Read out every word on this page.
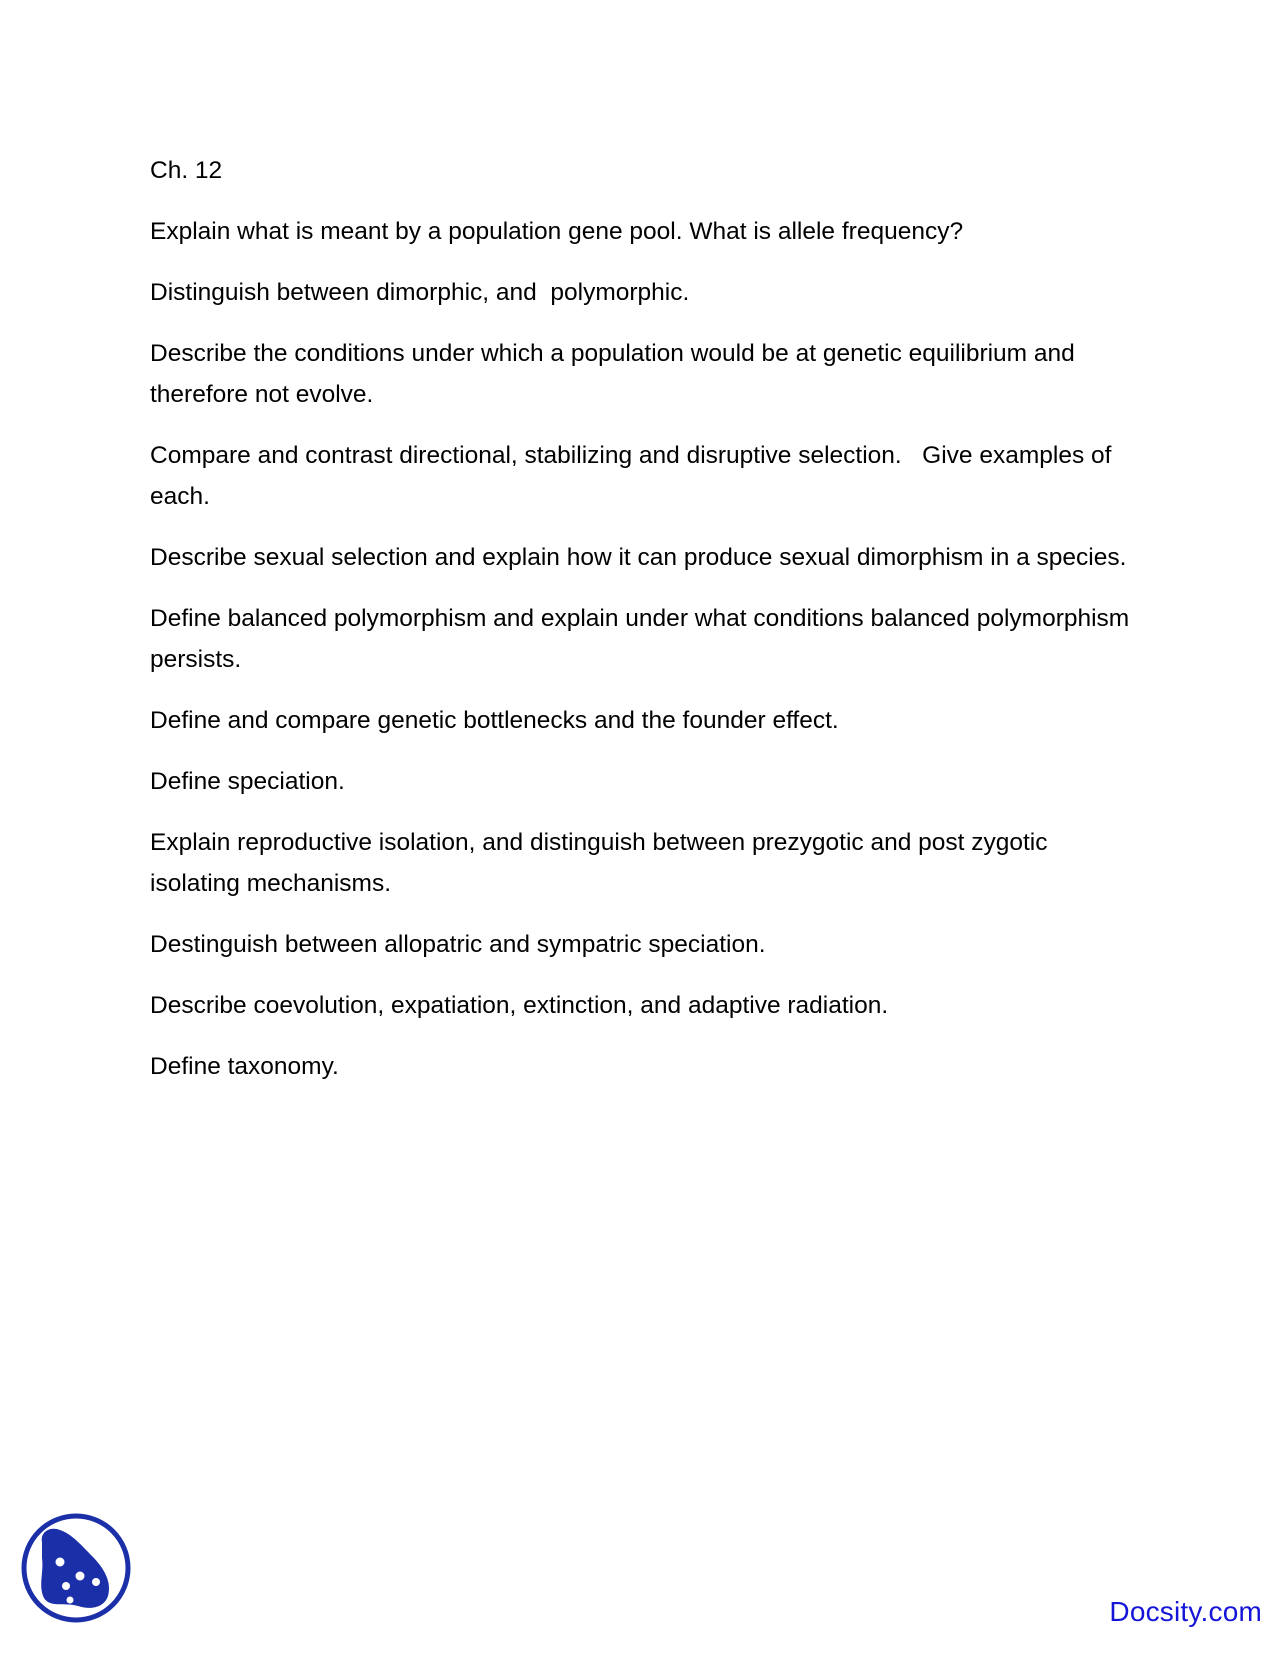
Ch. 12
Explain what is meant by a population gene pool. What is allele frequency?
Distinguish between dimorphic, and  polymorphic.
Describe the conditions under which a population would be at genetic equilibrium and therefore not evolve.
Compare and contrast directional, stabilizing and disruptive selection.   Give examples of each.
Describe sexual selection and explain how it can produce sexual dimorphism in a species.
Define balanced polymorphism and explain under what conditions balanced polymorphism persists.
Define and compare genetic bottlenecks and the founder effect.
Define speciation.
Explain reproductive isolation, and distinguish between prezygotic and post zygotic isolating mechanisms.
Destinguish between allopatric and sympatric speciation.
Describe coevolution, expatiation, extinction, and adaptive radiation.
Define taxonomy.
Docsity.com
